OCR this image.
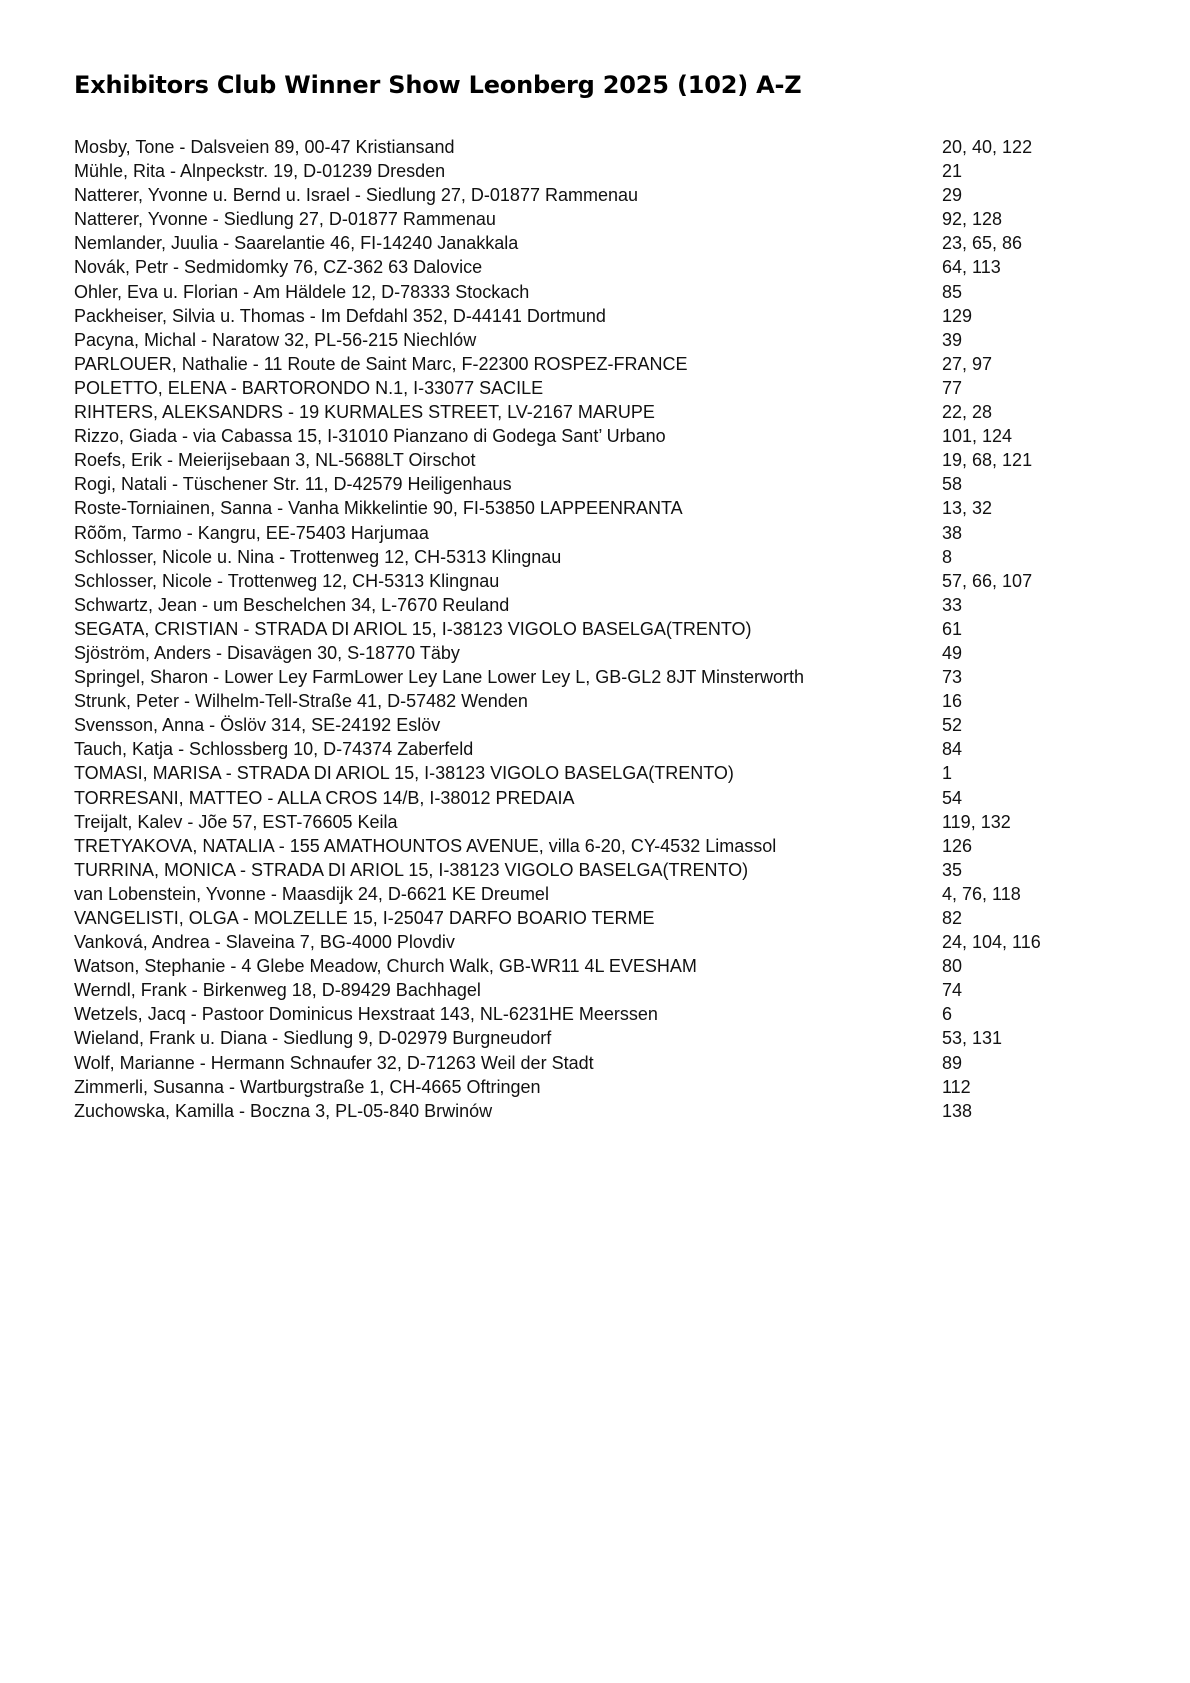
Exhibitors Club Winner Show Leonberg 2025 (102) A-Z
Mosby, Tone - Dalsveien 89, 00-47 Kristiansand	20, 40, 122
Mühle, Rita - Alnpeckstr. 19, D-01239 Dresden	21
Natterer, Yvonne u. Bernd u. Israel - Siedlung 27, D-01877 Rammenau	29
Natterer, Yvonne - Siedlung 27, D-01877 Rammenau	92, 128
Nemlander, Juulia - Saarelantie 46, FI-14240 Janakkala	23, 65, 86
Novák, Petr - Sedmidomky 76, CZ-362 63 Dalovice	64, 113
Ohler, Eva u. Florian - Am Häldele 12, D-78333 Stockach	85
Packheiser, Silvia u. Thomas - Im Defdahl 352, D-44141 Dortmund	129
Pacyna, Michal - Naratow 32, PL-56-215 Niechlów	39
PARLOUER, Nathalie - 11 Route de Saint Marc, F-22300 ROSPEZ-FRANCE	27, 97
POLETTO, ELENA - BARTORONDO N.1, I-33077 SACILE	77
RIHTERS, ALEKSANDRS - 19 KURMALES STREET, LV-2167 MARUPE	22, 28
Rizzo, Giada - via Cabassa 15, I-31010 Pianzano di Godega Sant’ Urbano	101, 124
Roefs, Erik - Meierijsebaan 3, NL-5688LT Oirschot	19, 68, 121
Rogi, Natali - Tüschener Str. 11, D-42579 Heiligenhaus	58
Roste-Torniainen, Sanna - Vanha Mikkelintie 90, FI-53850 LAPPEENRANTA	13, 32
Rõõm, Tarmo - Kangru, EE-75403 Harjumaa	38
Schlosser, Nicole u. Nina - Trottenweg 12, CH-5313 Klingnau	8
Schlosser, Nicole - Trottenweg 12, CH-5313 Klingnau	57, 66, 107
Schwartz, Jean - um Beschelchen 34, L-7670 Reuland	33
SEGATA, CRISTIAN - STRADA DI ARIOL 15, I-38123 VIGOLO BASELGA(TRENTO)	61
Sjöström, Anders - Disavägen 30, S-18770 Täby	49
Springel, Sharon - Lower Ley FarmLower Ley Lane Lower Ley L, GB-GL2 8JT Minsterworth	73
Strunk, Peter - Wilhelm-Tell-Straße 41, D-57482 Wenden	16
Svensson, Anna - Öslöv 314, SE-24192 Eslöv	52
Tauch, Katja - Schlossberg 10, D-74374 Zaberfeld	84
TOMASI, MARISA - STRADA DI ARIOL 15, I-38123 VIGOLO BASELGA(TRENTO)	1
TORRESANI, MATTEO - ALLA CROS 14/B, I-38012 PREDAIA	54
Treijalt, Kalev - Jõe 57, EST-76605 Keila	119, 132
TRETYAKOVA, NATALIA - 155 AMATHOUNTOS AVENUE, villa 6-20, CY-4532 Limassol	126
TURRINA, MONICA - STRADA DI ARIOL 15, I-38123 VIGOLO BASELGA(TRENTO)	35
van Lobenstein, Yvonne - Maasdijk 24, D-6621 KE Dreumel	4, 76, 118
VANGELISTI, OLGA - MOLZELLE 15, I-25047 DARFO BOARIO TERME	82
Vanková, Andrea - Slaveina 7, BG-4000 Plovdiv	24, 104, 116
Watson, Stephanie - 4 Glebe Meadow, Church Walk, GB-WR11 4L EVESHAM	80
Werndl, Frank - Birkenweg 18, D-89429 Bachhagel	74
Wetzels, Jacq - Pastoor Dominicus Hexstraat 143, NL-6231HE Meerssen	6
Wieland, Frank u. Diana - Siedlung 9, D-02979 Burgneudorf	53, 131
Wolf, Marianne - Hermann Schnaufer 32, D-71263 Weil der Stadt	89
Zimmerli, Susanna - Wartburgstraße 1, CH-4665 Oftringen	112
Zuchowska, Kamilla - Boczna 3, PL-05-840 Brwinów	138
